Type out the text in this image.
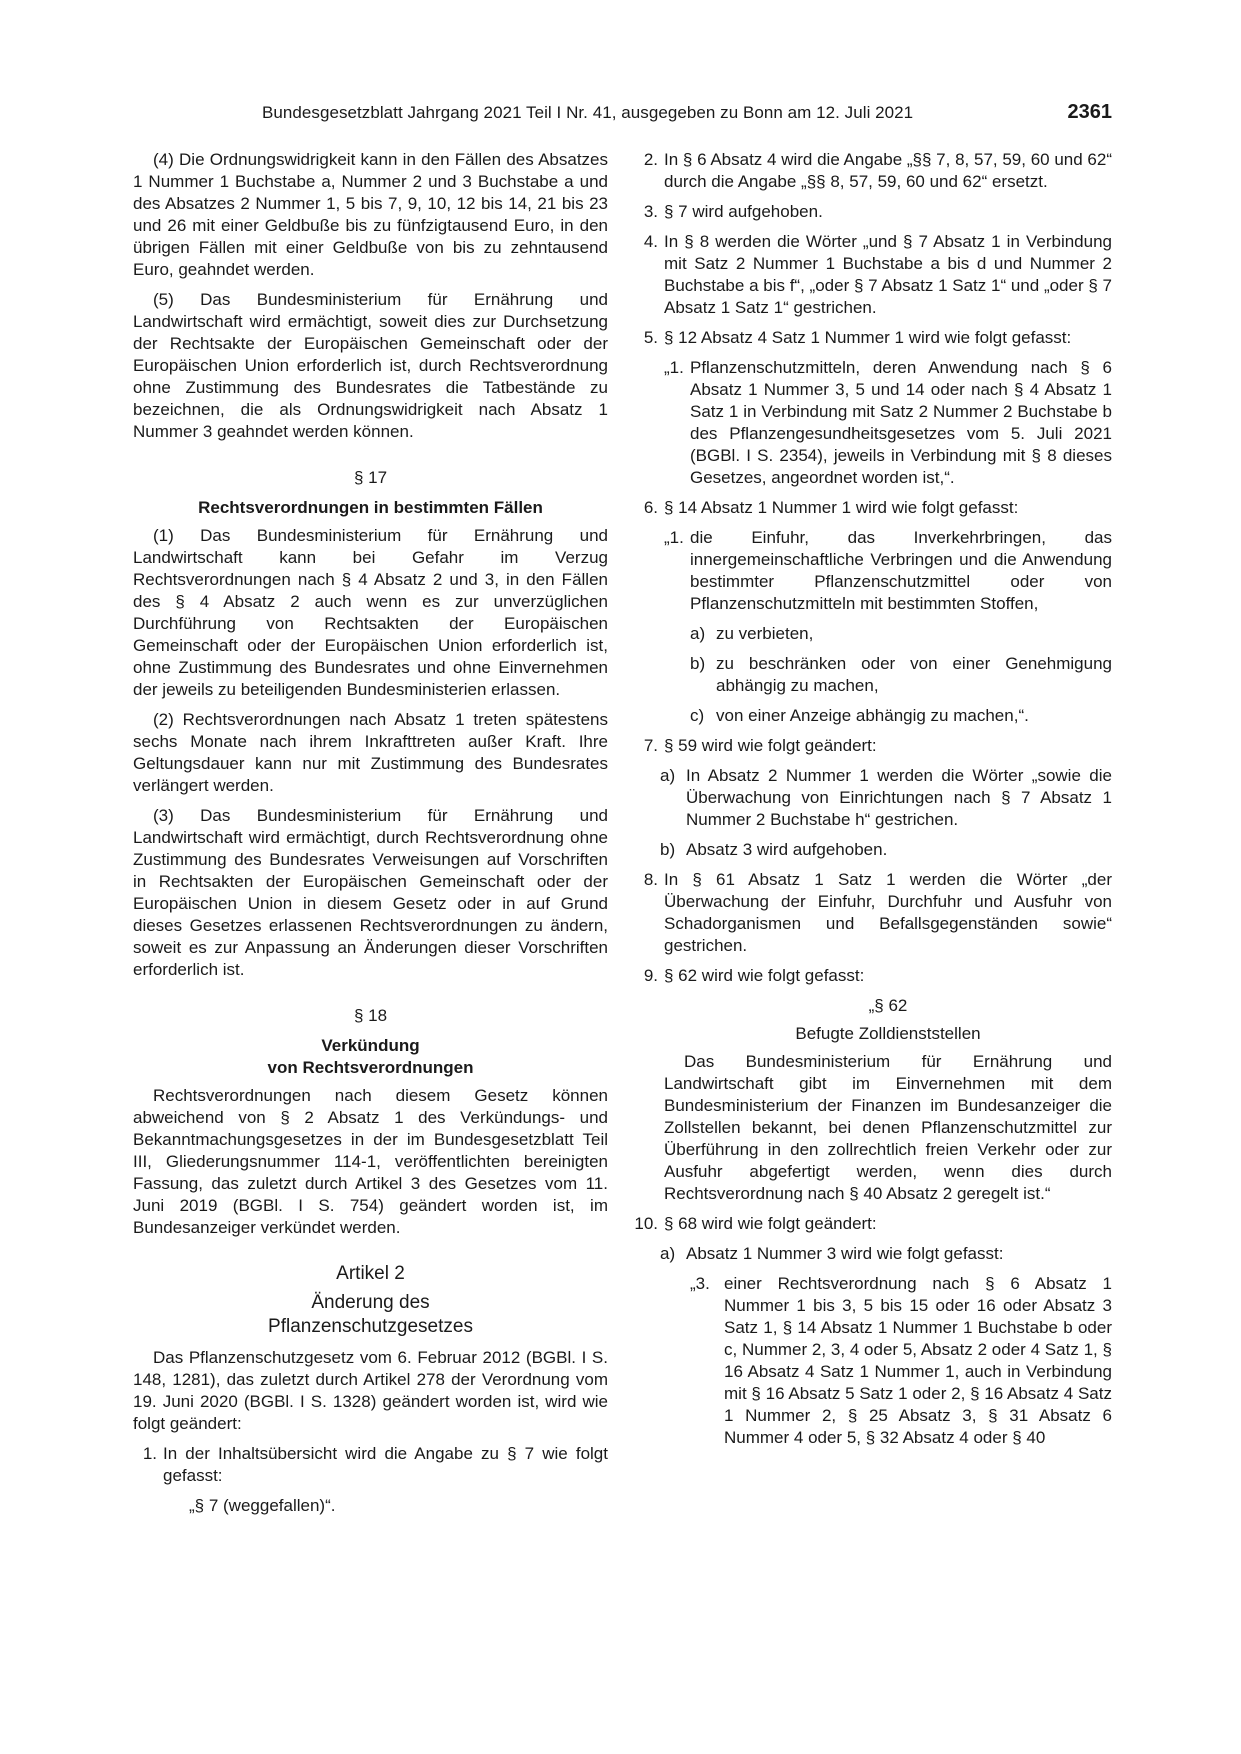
Bundesgesetzblatt Jahrgang 2021 Teil I Nr. 41, ausgegeben zu Bonn am 12. Juli 2021	2361

(4) Die Ordnungswidrigkeit kann in den Fällen des Absatzes 1 Nummer 1 Buchstabe a, Nummer 2 und 3 Buchstabe a und des Absatzes 2 Nummer 1, 5 bis 7, 9, 10, 12 bis 14, 21 bis 23 und 26 mit einer Geldbuße bis zu fünfzigtausend Euro, in den übrigen Fällen mit einer Geldbuße von bis zu zehntausend Euro, geahndet werden.

(5) Das Bundesministerium für Ernährung und Landwirtschaft wird ermächtigt, soweit dies zur Durchsetzung der Rechtsakte der Europäischen Gemeinschaft oder der Europäischen Union erforderlich ist, durch Rechtsverordnung ohne Zustimmung des Bundesrates die Tatbestände zu bezeichnen, die als Ordnungswidrigkeit nach Absatz 1 Nummer 3 geahndet werden können.

§ 17
Rechtsverordnungen in bestimmten Fällen

(1) Das Bundesministerium für Ernährung und Landwirtschaft kann bei Gefahr im Verzug Rechtsverordnungen nach § 4 Absatz 2 und 3, in den Fällen des § 4 Absatz 2 auch wenn es zur unverzüglichen Durchführung von Rechtsakten der Europäischen Gemeinschaft oder der Europäischen Union erforderlich ist, ohne Zustimmung des Bundesrates und ohne Einvernehmen der jeweils zu beteiligenden Bundesministerien erlassen.

(2) Rechtsverordnungen nach Absatz 1 treten spätestens sechs Monate nach ihrem Inkrafttreten außer Kraft. Ihre Geltungsdauer kann nur mit Zustimmung des Bundesrates verlängert werden.

(3) Das Bundesministerium für Ernährung und Landwirtschaft wird ermächtigt, durch Rechtsverordnung ohne Zustimmung des Bundesrates Verweisungen auf Vorschriften in Rechtsakten der Europäischen Gemeinschaft oder der Europäischen Union in diesem Gesetz oder in auf Grund dieses Gesetzes erlassenen Rechtsverordnungen zu ändern, soweit es zur Anpassung an Änderungen dieser Vorschriften erforderlich ist.

§ 18
Verkündung
von Rechtsverordnungen

Rechtsverordnungen nach diesem Gesetz können abweichend von § 2 Absatz 1 des Verkündungs- und Bekanntmachungsgesetzes in der im Bundesgesetzblatt Teil III, Gliederungsnummer 114-1, veröffentlichten bereinigten Fassung, das zuletzt durch Artikel 3 des Gesetzes vom 11. Juni 2019 (BGBl. I S. 754) geändert worden ist, im Bundesanzeiger verkündet werden.

Artikel 2
Änderung des
Pflanzenschutzgesetzes

Das Pflanzenschutzgesetz vom 6. Februar 2012 (BGBl. I S. 148, 1281), das zuletzt durch Artikel 278 der Verordnung vom 19. Juni 2020 (BGBl. I S. 1328) geändert worden ist, wird wie folgt geändert:

1. In der Inhaltsübersicht wird die Angabe zu § 7 wie folgt gefasst:
„§ 7 (weggefallen)“.
2. In § 6 Absatz 4 wird die Angabe „§§ 7, 8, 57, 59, 60 und 62“ durch die Angabe „§§ 8, 57, 59, 60 und 62“ ersetzt.
3. § 7 wird aufgehoben.
4. In § 8 werden die Wörter „und § 7 Absatz 1 in Verbindung mit Satz 2 Nummer 1 Buchstabe a bis d und Nummer 2 Buchstabe a bis f“, „oder § 7 Absatz 1 Satz 1“ und „oder § 7 Absatz 1 Satz 1“ gestrichen.
5. § 12 Absatz 4 Satz 1 Nummer 1 wird wie folgt gefasst:
„1. Pflanzenschutzmitteln, deren Anwendung nach § 6 Absatz 1 Nummer 3, 5 und 14 oder nach § 4 Absatz 1 Satz 1 in Verbindung mit Satz 2 Nummer 2 Buchstabe b des Pflanzengesundheitsgesetzes vom 5. Juli 2021 (BGBl. I S. 2354), jeweils in Verbindung mit § 8 dieses Gesetzes, angeordnet worden ist,“.
6. § 14 Absatz 1 Nummer 1 wird wie folgt gefasst:
„1. die Einfuhr, das Inverkehrbringen, das innergemeinschaftliche Verbringen und die Anwendung bestimmter Pflanzenschutzmittel oder von Pflanzenschutzmitteln mit bestimmten Stoffen,
a) zu verbieten,
b) zu beschränken oder von einer Genehmigung abhängig zu machen,
c) von einer Anzeige abhängig zu machen,“.
7. § 59 wird wie folgt geändert:
a) In Absatz 2 Nummer 1 werden die Wörter „sowie die Überwachung von Einrichtungen nach § 7 Absatz 1 Nummer 2 Buchstabe h“ gestrichen.
b) Absatz 3 wird aufgehoben.
8. In § 61 Absatz 1 Satz 1 werden die Wörter „der Überwachung der Einfuhr, Durchfuhr und Ausfuhr von Schadorganismen und Befallsgegenständen sowie“ gestrichen.
9. § 62 wird wie folgt gefasst:
„§ 62
Befugte Zolldienststellen

Das Bundesministerium für Ernährung und Landwirtschaft gibt im Einvernehmen mit dem Bundesministerium der Finanzen im Bundesanzeiger die Zollstellen bekannt, bei denen Pflanzenschutzmittel zur Überführung in den zollrechtlich freien Verkehr oder zur Ausfuhr abgefertigt werden, wenn dies durch Rechtsverordnung nach § 40 Absatz 2 geregelt ist.“

10. § 68 wird wie folgt geändert:
a) Absatz 1 Nummer 3 wird wie folgt gefasst:
„3. einer Rechtsverordnung nach § 6 Absatz 1 Nummer 1 bis 3, 5 bis 15 oder 16 oder Absatz 3 Satz 1, § 14 Absatz 1 Nummer 1 Buchstabe b oder c, Nummer 2, 3, 4 oder 5, Absatz 2 oder 4 Satz 1, § 16 Absatz 4 Satz 1 Nummer 1, auch in Verbindung mit § 16 Absatz 5 Satz 1 oder 2, § 16 Absatz 4 Satz 1 Nummer 2, § 25 Absatz 3, § 31 Absatz 6 Nummer 4 oder 5, § 32 Absatz 4 oder § 40
